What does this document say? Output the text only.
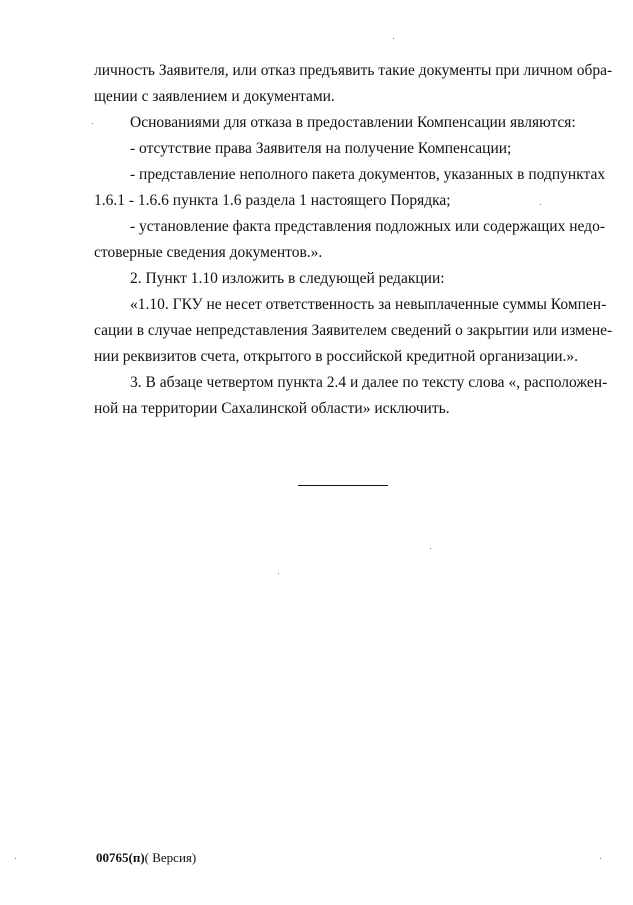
личность Заявителя, или отказ предъявить такие документы при личном обра-
щении с заявлением и документами.
Основаниями для отказа в предоставлении Компенсации являются:
- отсутствие права Заявителя на получение Компенсации;
- представление неполного пакета документов, указанных в подпунктах
1.6.1 - 1.6.6 пункта 1.6 раздела 1 настоящего Порядка;
- установление факта представления подложных или содержащих недо-
стоверные сведения документов.».
2. Пункт 1.10 изложить в следующей редакции:
«1.10. ГКУ не несет ответственность за невыплаченные суммы Компен-
сации в случае непредставления Заявителем сведений о закрытии или измене-
нии реквизитов счета, открытого в российской кредитной организации.».
3. В абзаце четвертом пункта 2.4 и далее по тексту слова «, расположен-
ной на территории Сахалинской области» исключить.
00765(п)( Версия)
